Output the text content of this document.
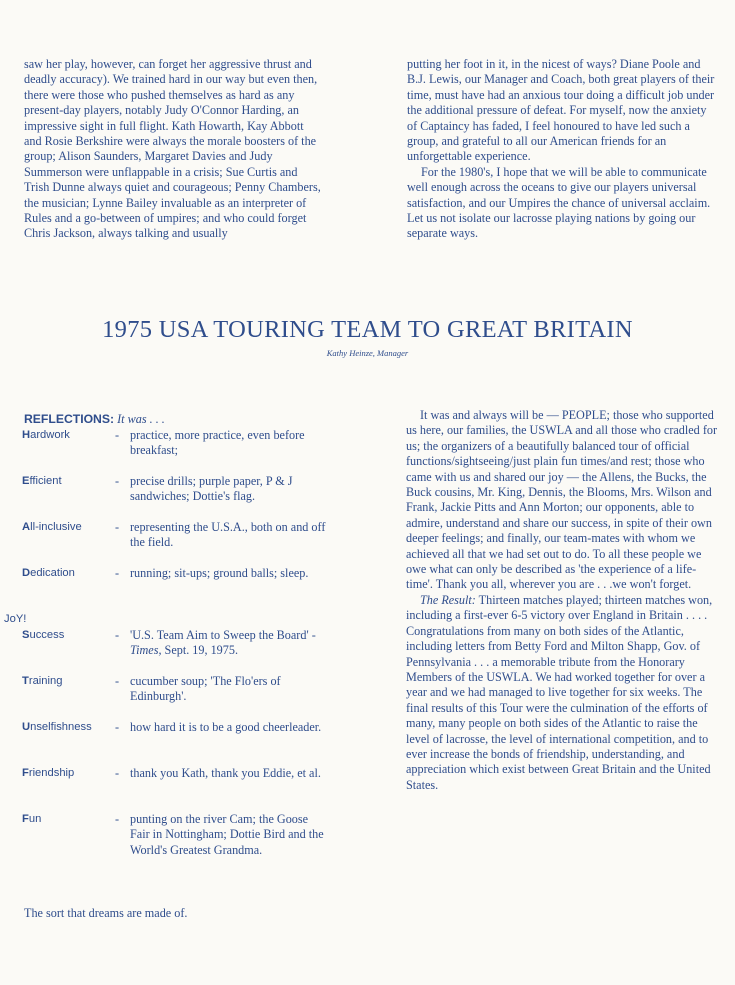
saw her play, however, can forget her aggressive thrust and deadly accuracy). We trained hard in our way but even then, there were those who pushed themselves as hard as any present-day players, notably Judy O'Connor Harding, an impressive sight in full flight. Kath Howarth, Kay Abbott and Rosie Berkshire were always the morale boosters of the group; Alison Saunders, Margaret Davies and Judy Summerson were unflappable in a crisis; Sue Curtis and Trish Dunne always quiet and courageous; Penny Chambers, the musician; Lynne Bailey invaluable as an interpreter of Rules and a go-between of umpires; and who could forget Chris Jackson, always talking and usually

putting her foot in it, in the nicest of ways? Diane Poole and B.J. Lewis, our Manager and Coach, both great players of their time, must have had an anxious tour doing a difficult job under the additional pressure of defeat. For myself, now the anxiety of Captaincy has faded, I feel honoured to have led such a group, and grateful to all our American friends for an unforgettable experience.

For the 1980's, I hope that we will be able to communicate well enough across the oceans to give our players universal satisfaction, and our Umpires the chance of universal acclaim. Let us not isolate our lacrosse playing nations by going our separate ways.

1975 USA TOURING TEAM TO GREAT BRITAIN

Kathy Heinze, Manager

REFLECTIONS: It was . . .
Hardwork	- practice, more practice, even before breakfast;
Efficient	- precise drills; purple paper, P & J sandwiches; Dottie's flag.
All-inclusive	- representing the U.S.A., both on and off the field.
Dedication	- running; sit-ups; ground balls; sleep.
JoY!
Success	- 'U.S. Team Aim to Sweep the Board' - Times, Sept. 19, 1975.
Training	- cucumber soup; 'The Flo'ers of Edinburgh'.
Unselfishness - how hard it is to be a good cheerleader.
Friendship	- thank you Kath, thank you Eddie, et al.
Fun	- punting on the river Cam; the Goose Fair in Nottingham; Dottie Bird and the World's Greatest Grandma.
The sort that dreams are made of.

It was and always will be — PEOPLE; those who supported us here, our families, the USWLA and all those who cradled for us; the organizers of a beautifully balanced tour of official functions/sightseeing/just plain fun times/and rest; those who came with us and shared our joy — the Allens, the Bucks, the Buck cousins, Mr. King, Dennis, the Blooms, Mrs. Wilson and Frank, Jackie Pitts and Ann Morton; our opponents, able to admire, understand and share our success, in spite of their own deeper feelings; and finally, our team-mates with whom we achieved all that we had set out to do. To all these people we owe what can only be described as 'the experience of a life-time'. Thank you all, wherever you are . . .we won't forget.

The Result: Thirteen matches played; thirteen matches won, including a first-ever 6-5 victory over England in Britain . . . . Congratulations from many on both sides of the Atlantic, including letters from Betty Ford and Milton Shapp, Gov. of Pennsylvania . . . a memorable tribute from the Honorary Members of the USWLA. We had worked together for over a year and we had managed to live together for six weeks. The final results of this Tour were the culmination of the efforts of many, many people on both sides of the Atlantic to raise the level of lacrosse, the level of international competition, and to ever increase the bonds of friendship, understanding, and appreciation which exist between Great Britain and the United States.
